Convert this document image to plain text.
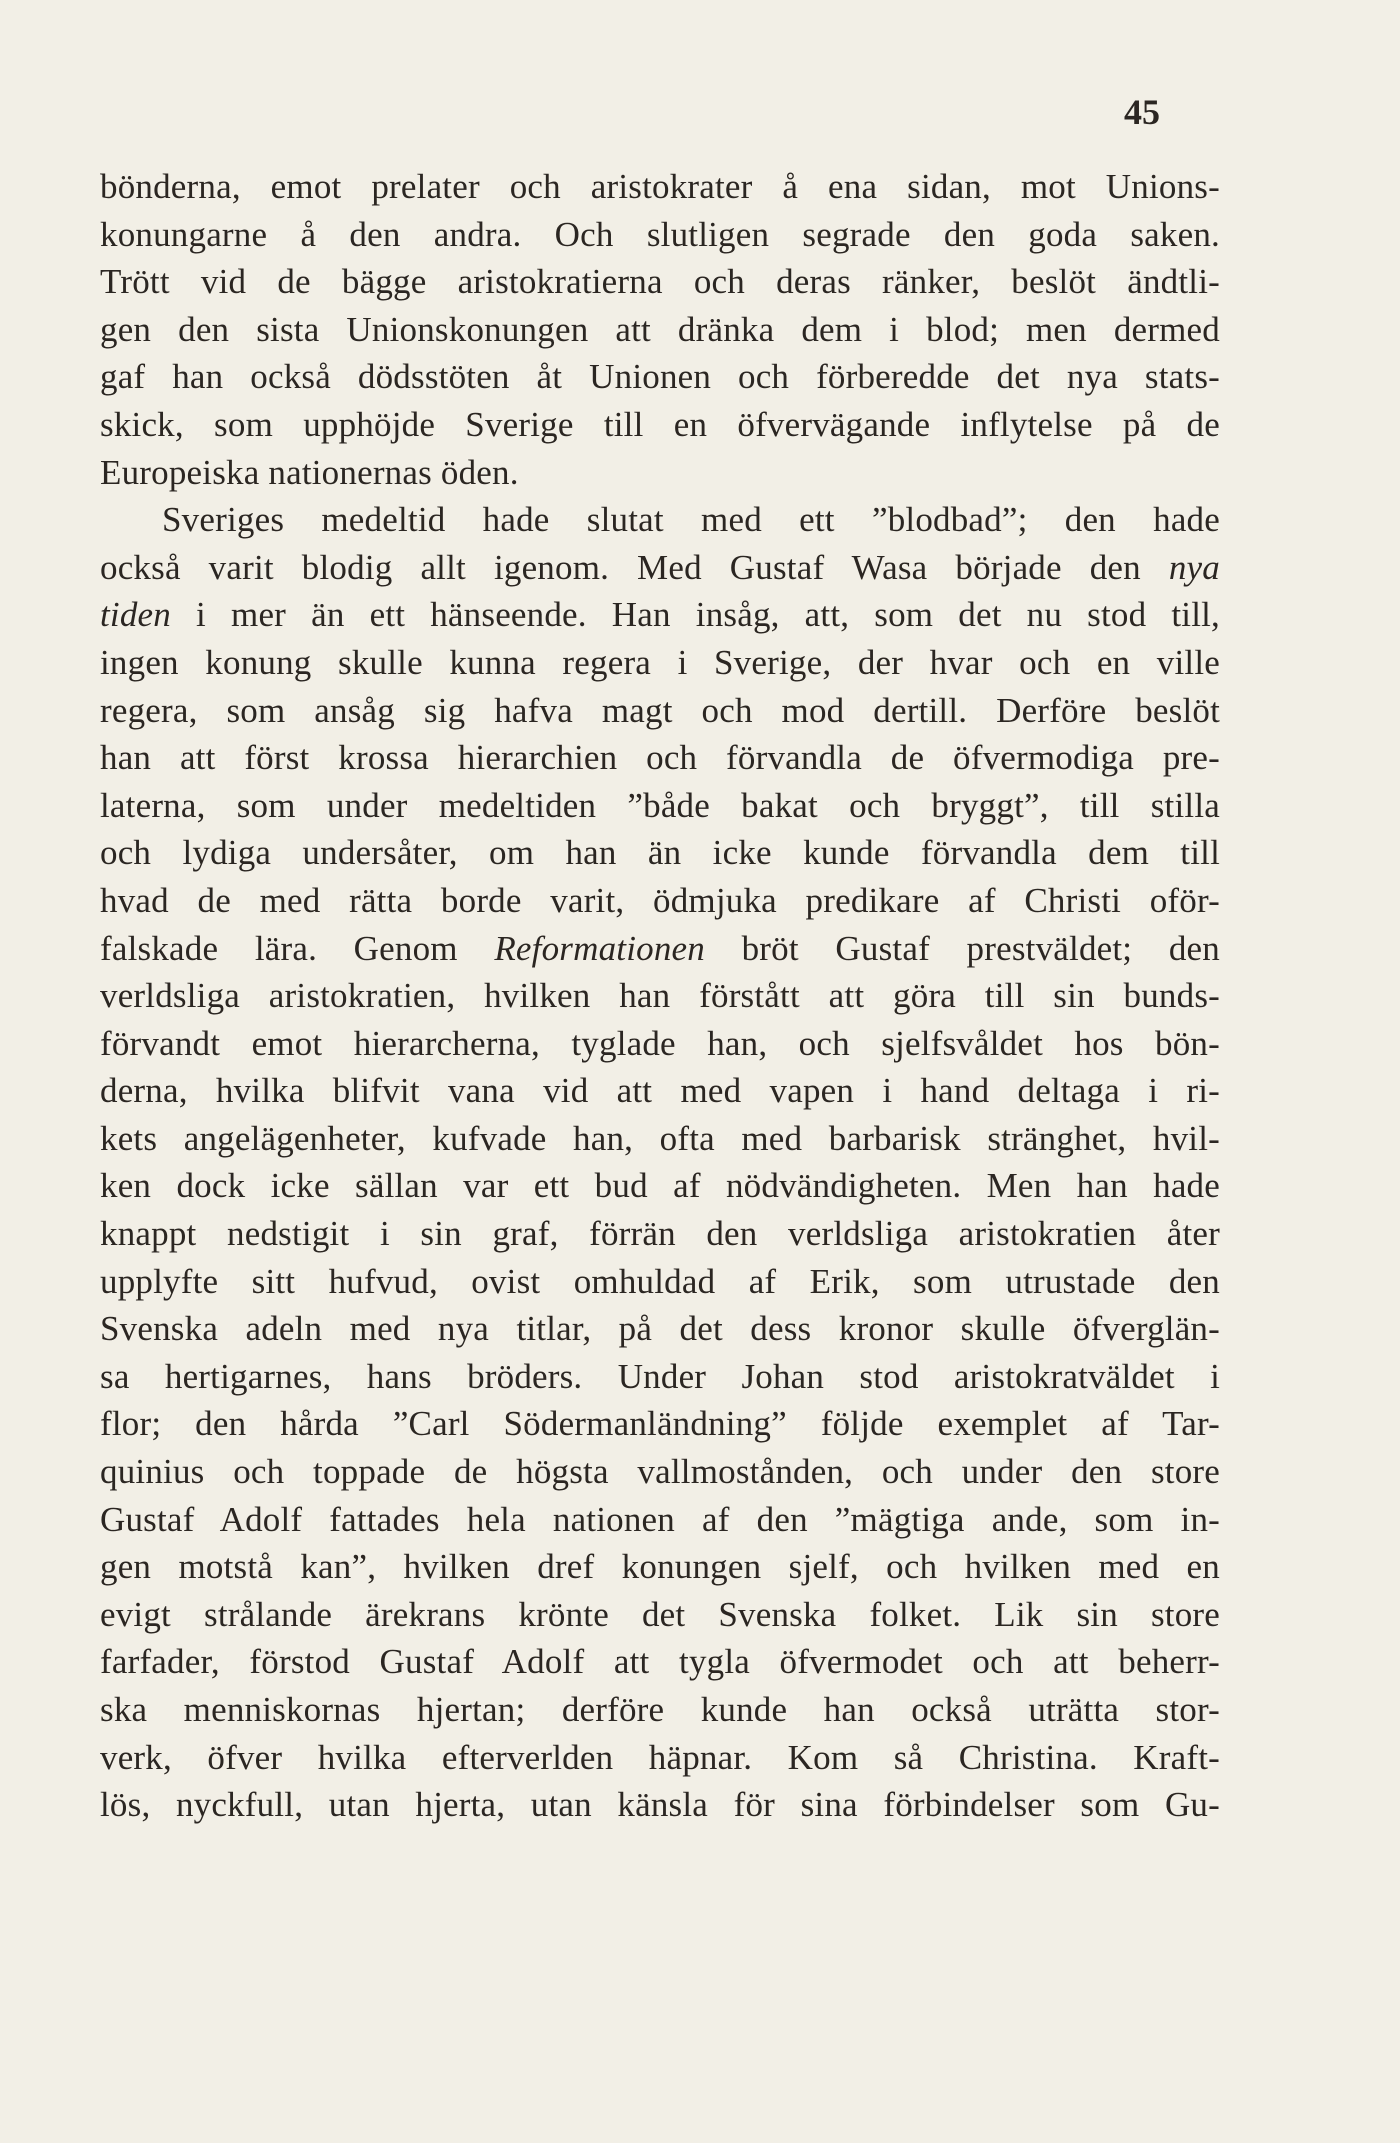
45
bönderna, emot prelater och aristokrater å ena sidan, mot Unions-
konungarne å den andra. Och slutligen segrade den goda saken.
Trött vid de bägge aristokratierna och deras ränker, beslöt ändtli-
gen den sista Unionskonungen att dränka dem i blod; men dermed
gaf han också dödsstöten åt Unionen och förberedde det nya stats-
skick, som upphöjde Sverige till en öfvervägande inflytelse på de
Europeiska nationernas öden.
Sveriges medeltid hade slutat med ett ”blodbad”; den hade
också varit blodig allt igenom. Med Gustaf Wasa började den nya
tiden i mer än ett hänseende. Han insåg, att, som det nu stod till,
ingen konung skulle kunna regera i Sverige, der hvar och en ville
regera, som ansåg sig hafva magt och mod dertill. Derföre beslöt
han att först krossa hierarchien och förvandla de öfvermodiga pre-
laterna, som under medeltiden ”både bakat och bryggt”, till stilla
och lydiga undersåter, om han än icke kunde förvandla dem till
hvad de med rätta borde varit, ödmjuka predikare af Christi oför-
falskade lära. Genom Reformationen bröt Gustaf prestväldet; den
verldsliga aristokratien, hvilken han förstått att göra till sin bunds-
förvandt emot hierarcherna, tyglade han, och sjelfsvåldet hos bön-
derna, hvilka blifvit vana vid att med vapen i hand deltaga i ri-
kets angelägenheter, kufvade han, ofta med barbarisk stränghet, hvil-
ken dock icke sällan var ett bud af nödvändigheten. Men han hade
knappt nedstigit i sin graf, förrän den verldsliga aristokratien åter
upplyfte sitt hufvud, ovist omhuldad af Erik, som utrustade den
Svenska adeln med nya titlar, på det dess kronor skulle öfverglän-
sa hertigarnes, hans bröders. Under Johan stod aristokratväldet i
flor; den hårda ”Carl Södermanländning” följde exemplet af Tar-
quinius och toppade de högsta vallmostånden, och under den store
Gustaf Adolf fattades hela nationen af den ”mägtiga ande, som in-
gen motstå kan”, hvilken dref konungen sjelf, och hvilken med en
evigt strålande ärekrans krönte det Svenska folket. Lik sin store
farfader, förstod Gustaf Adolf att tygla öfvermodet och att beherr-
ska menniskornas hjertan; derföre kunde han också uträtta stor-
verk, öfver hvilka efterverlden häpnar. Kom så Christina. Kraft-
lös, nyckfull, utan hjerta, utan känsla för sina förbindelser som Gu-
